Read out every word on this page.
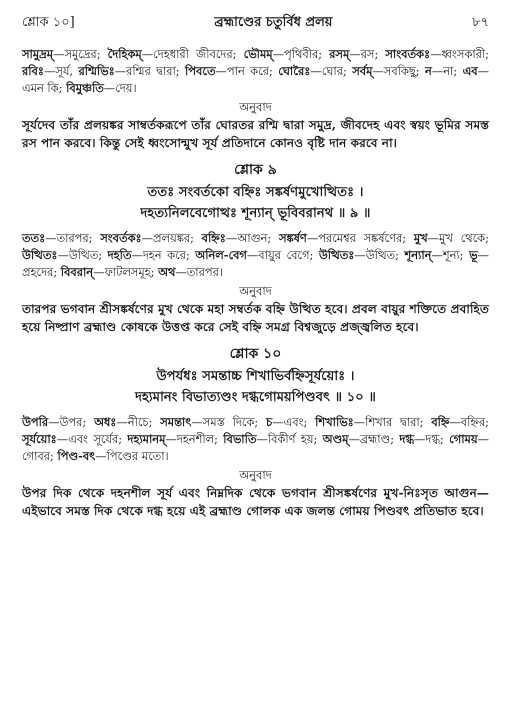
শ্লোক ১০]	ব্রহ্মাণ্ডের চতুর্বিধ প্রলয়	৮৭

সামুদ্রম্—সমুদ্রের; দৈহিকম্—দেহধারী জীবদের; ভৌমম্—পৃথিবীর; রসম্—রস; সাংবর্তকঃ—ধ্বংসকারী; রবিঃ—সূর্য, রশ্মিভিঃ—রশ্মির দ্বারা; পিবতে—পান করে; ঘোরৈঃ—ঘোর; সর্বম্—সবকিছু; ন—না; এব—এমন কি; বিমুঞ্চতি—দেয়।

অনুবাদ

সূর্যদেব তাঁর প্রলয়ঙ্কর সাম্বর্তকরূপে তাঁর ঘোরতর রশ্মি দ্বারা সমুদ্র, জীবদেহ এবং স্বয়ং ভূমির সমস্ত রস পান করবে। কিন্তু সেই ধ্বংসোন্মুখ সূর্য প্রতিদানে কোনও বৃষ্টি দান করবে না।

শ্লোক ৯
ততঃ সংবর্তকো বহ্নিঃ সঙ্কর্ষণমুখোত্থিতঃ ।
দহত্যনিলবেগোত্থঃ শূন্যান্ ভূবিবরানথ ॥ ৯ ॥

ততঃ—তারপর; সংবর্তকঃ—প্রলয়ঙ্কর; বহ্নিঃ—আগুন; সঙ্কর্ষণ—পরমেশ্বর সঙ্কর্ষণের; মুখ—মুখ থেকে; উত্থিতঃ—উত্থিত; দহতি—দহন করে; অনিল-বেগ—বায়ুর বেগে; উত্থিতঃ—উত্থিত; শূন্যান্—শূন্য; ভূ—প্রহদের; বিবরান্—ফাটলসমূহ; অথ—তারপর।

অনুবাদ

তারপর ভগবান শ্রীসঙ্কর্ষণের মুখ থেকে মহা সম্বর্তক বহ্নি উত্থিত হবে। প্রবল বায়ুর শক্তিতে প্রবাহিত হয়ে নিষ্প্রাণ ব্রহ্মাণ্ড কোষকে উত্তপ্ত করে সেই বহ্নি সমগ্র বিশ্বজুড়ে প্রজ্জ্বলিত হবে।

শ্লোক ১০
উপর্যধঃ সমন্তাচ্চ শিখাভির্বহ্নিসূর্যয়োঃ ।
দহ্যমানং বিভাত্যণ্ডং দগ্ধগোময়পিণ্ডবৎ ॥ ১০ ॥

উপরি—উপর; অধঃ—নীচে; সমন্তাৎ—সমস্ত দিকে; চ—এবং; শিখাভিঃ—শিখার দ্বারা; বহ্নি—বহ্নির; সূর্যয়োঃ—এবং সূর্যের; দহ্যমানম্—দহনশীল; বিভাতি—বিকীর্ণ হয়; অণ্ডম্—ব্রহ্মাণ্ড; দগ্ধ—দগ্ধ; গোময়—গোবর; পিণ্ড-বৎ—পিণ্ডের মতো।

অনুবাদ

উপর দিক থেকে দহনশীল সূর্য এবং নিম্নদিক থেকে ভগবান শ্রীসঙ্কর্ষণের মুখ-নিঃসৃত আগুন—এইভাবে সমস্ত দিক থেকে দগ্ধ হয়ে এই ব্রহ্মাণ্ড গোলক এক জলন্ত গোময় পিণ্ডবৎ প্রতিভাত হবে।
